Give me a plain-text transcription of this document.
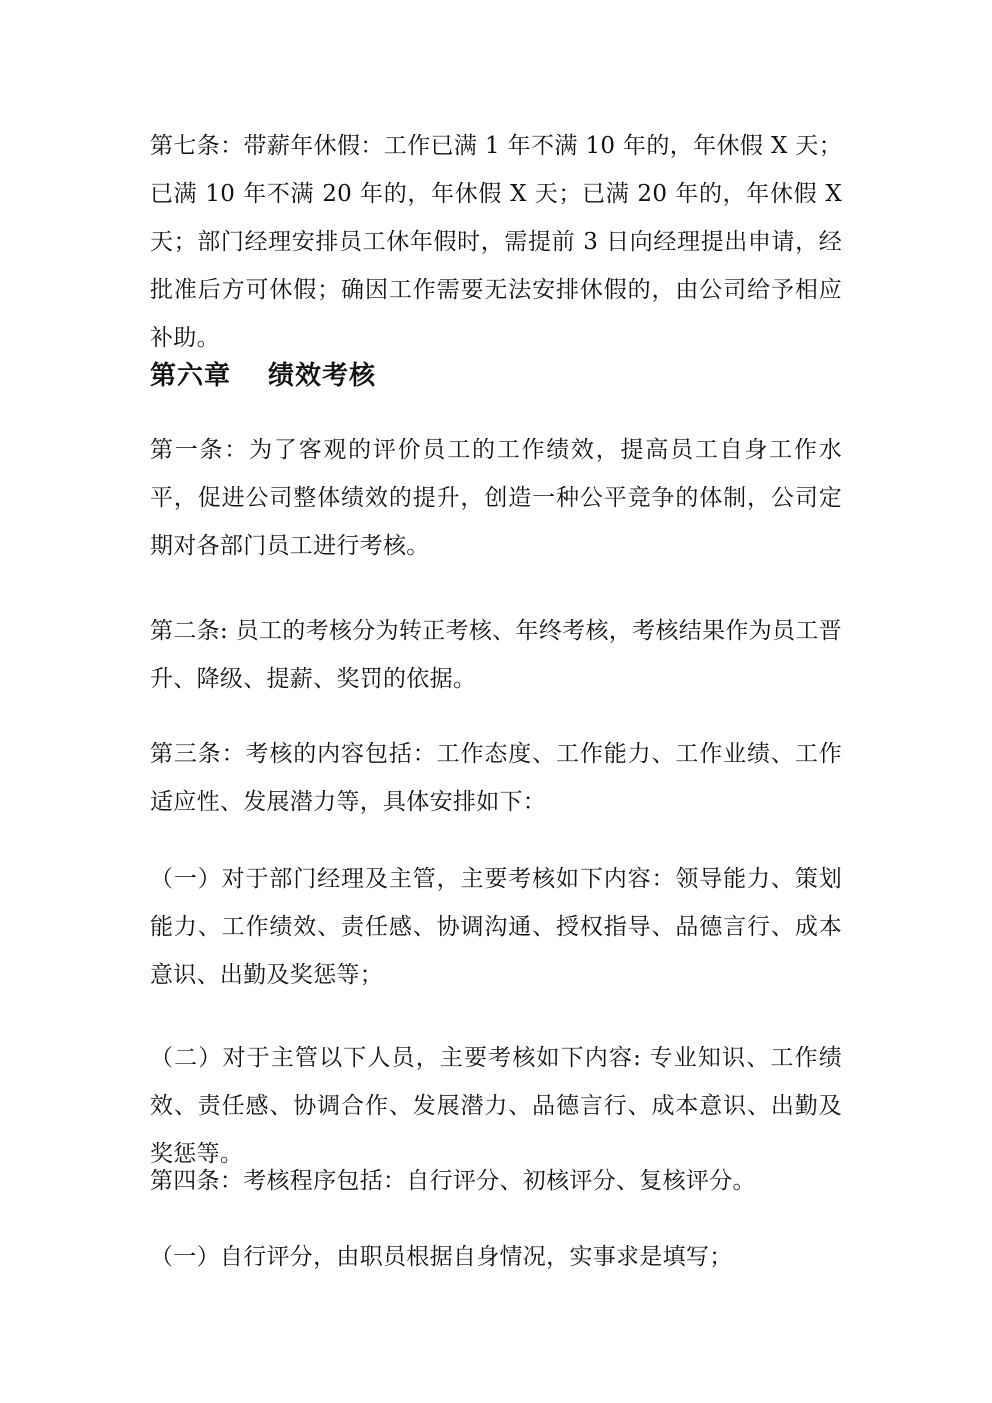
第七条：带薪年休假：工作已满 1 年不满 10 年的，年休假 X 天；已满 10 年不满 20 年的，年休假 X 天；已满 20 年的，年休假 X 天；部门经理安排员工休年假时，需提前 3 日向经理提出申请，经批准后方可休假；确因工作需要无法安排休假的，由公司给予相应补助。

第六章　 绩效考核

第一条：为了客观的评价员工的工作绩效，提高员工自身工作水平，促进公司整体绩效的提升，创造一种公平竞争的体制，公司定期对各部门员工进行考核。

第二条: 员工的考核分为转正考核、年终考核，考核结果作为员工晋升、降级、提薪、奖罚的依据。

第三条：考核的内容包括：工作态度、工作能力、工作业绩、工作适应性、发展潜力等，具体安排如下：

（一）对于部门经理及主管，主要考核如下内容：领导能力、策划能力、工作绩效、责任感、协调沟通、授权指导、品德言行、成本意识、出勤及奖惩等；

（二）对于主管以下人员，主要考核如下内容: 专业知识、工作绩效、责任感、协调合作、发展潜力、品德言行、成本意识、出勤及奖惩等。

第四条：考核程序包括：自行评分、初核评分、复核评分。

（一）自行评分，由职员根据自身情况，实事求是填写；
